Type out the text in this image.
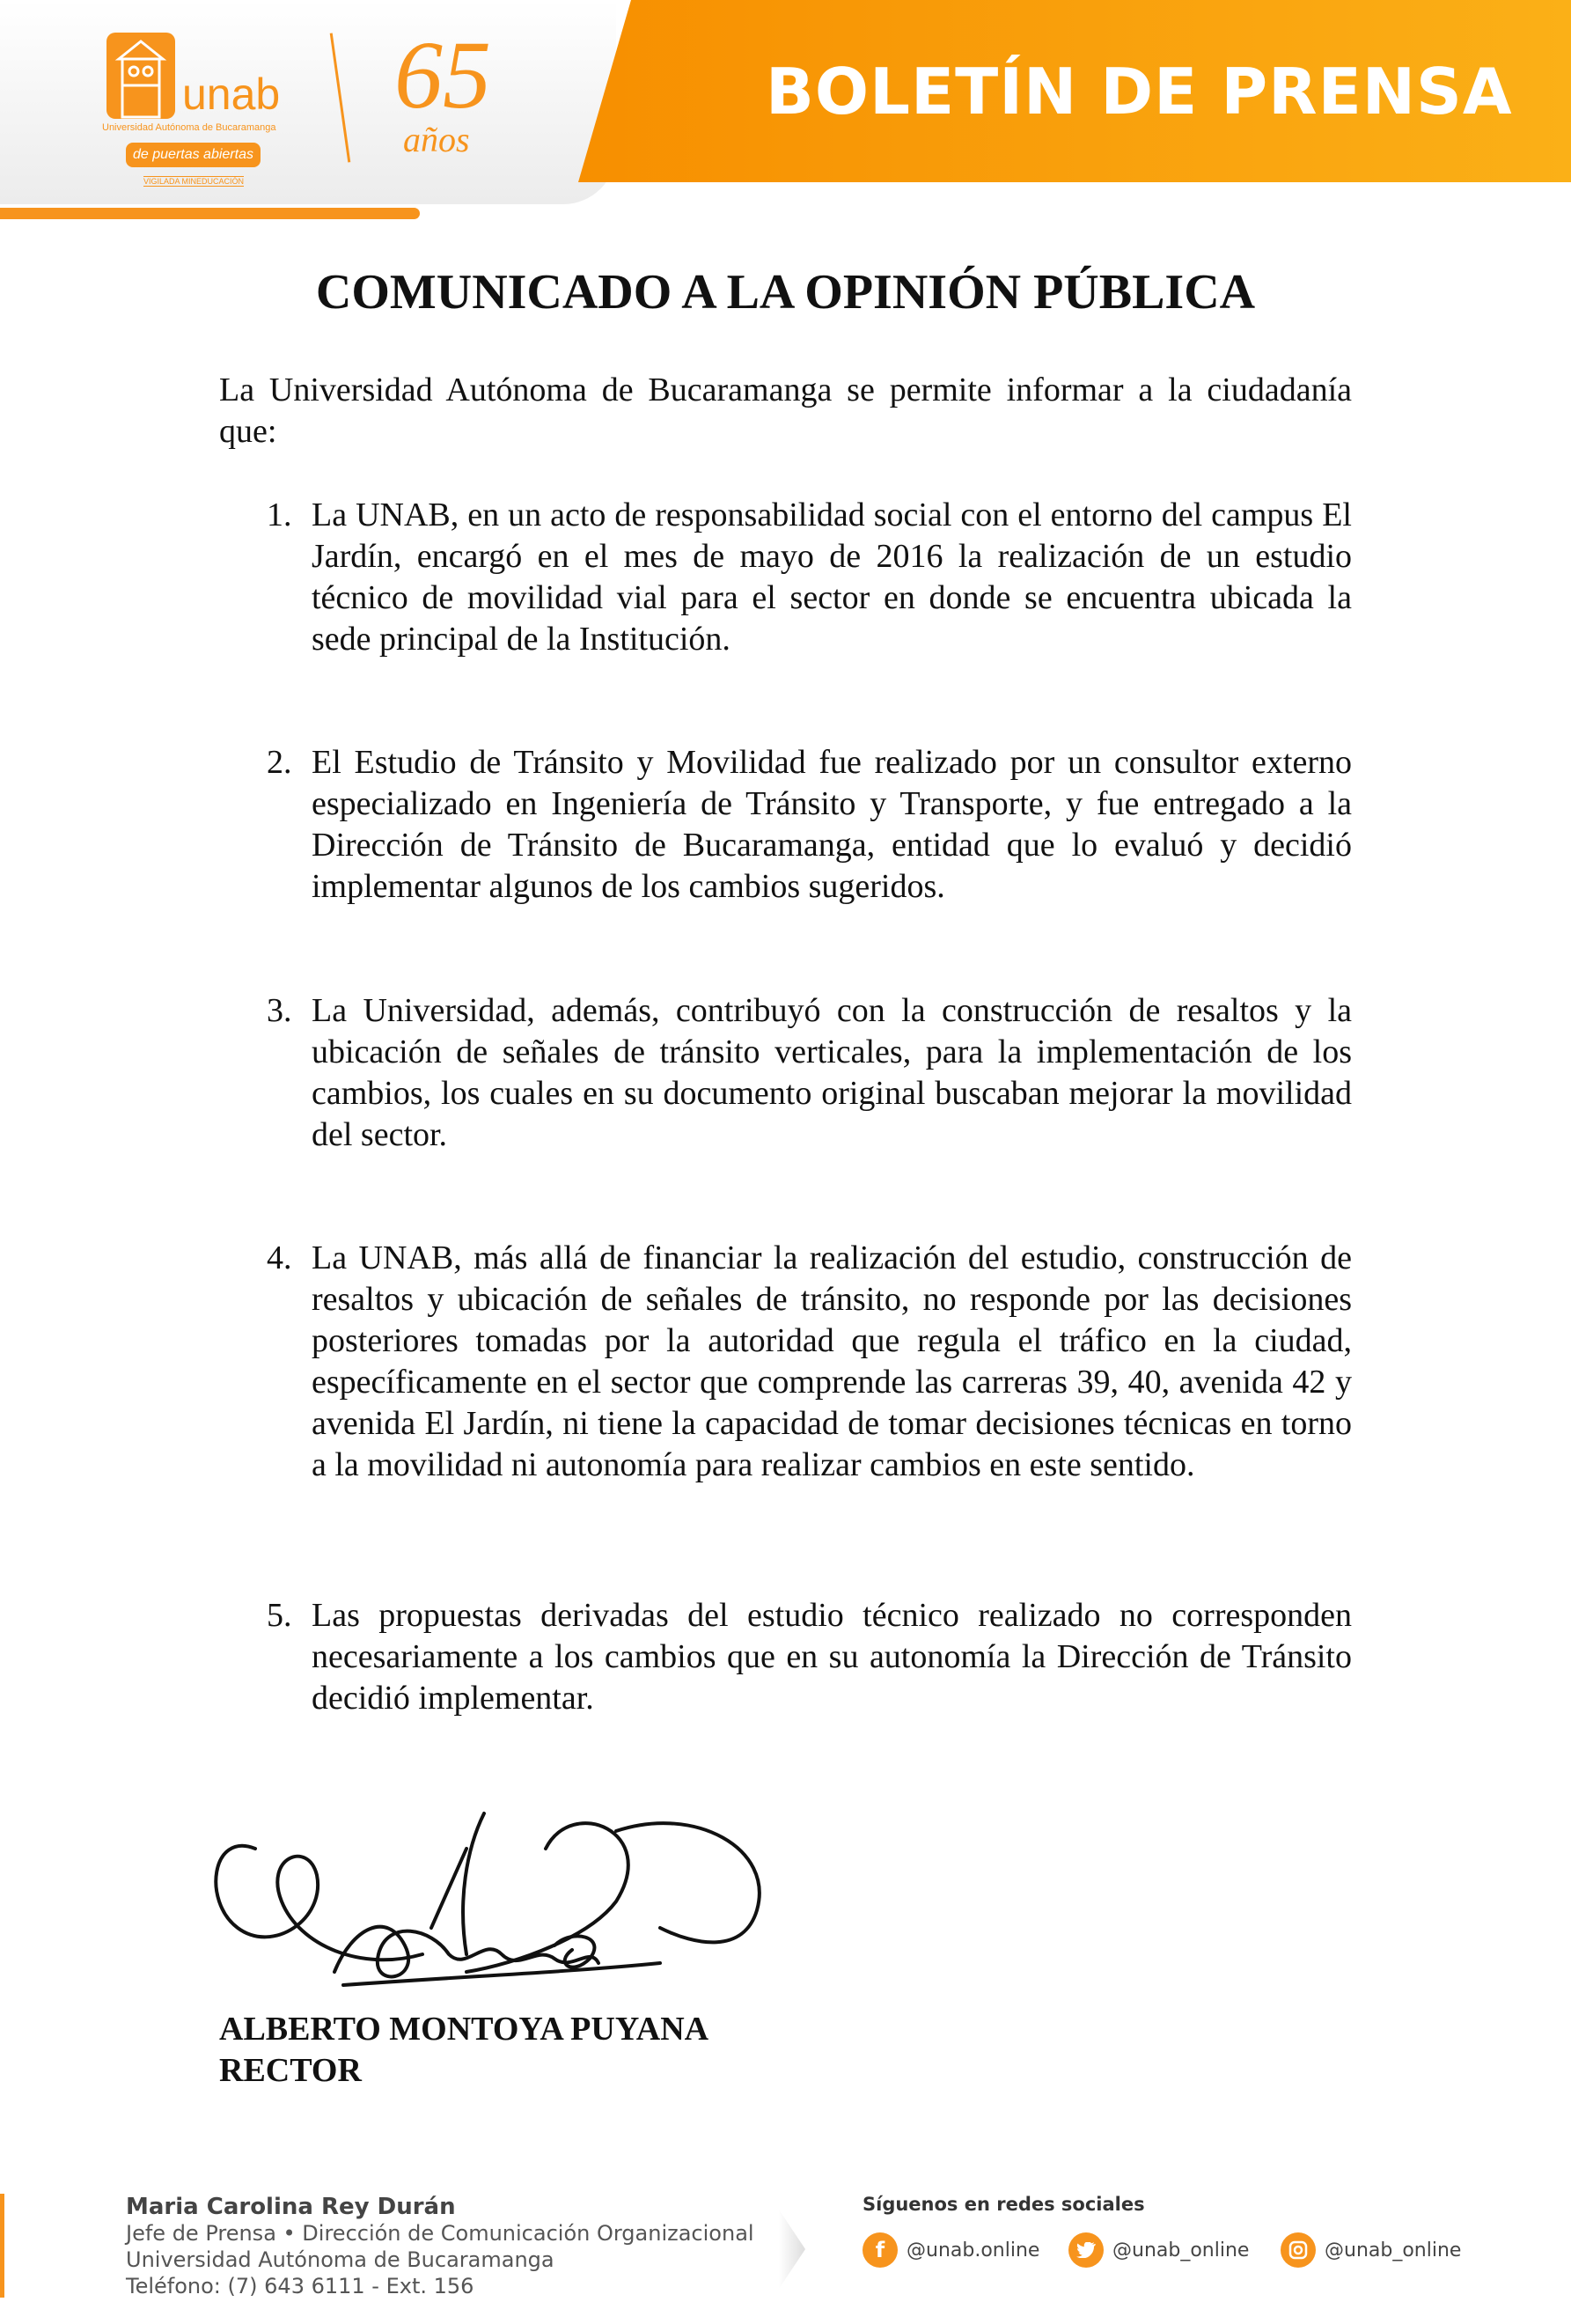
BOLETÍN DE PRENSA
unab
Universidad Autónoma de Bucaramanga
de puertas abiertas
VIGILADA MINEDUCACIÓN
65
años
COMUNICADO A LA OPINIÓN PÚBLICA
La Universidad Autónoma de Bucaramanga se permite informar a la ciudadanía que:
1. La UNAB, en un acto de responsabilidad social con el entorno del campus El Jardín, encargó en el mes de mayo de 2016 la realización de un estudio técnico de movilidad vial para el sector en donde se encuentra ubicada la sede principal de la Institución.
2. El Estudio de Tránsito y Movilidad fue realizado por un consultor externo especializado en Ingeniería de Tránsito y Transporte, y fue entregado a la Dirección de Tránsito de Bucaramanga, entidad que lo evaluó y decidió implementar algunos de los cambios sugeridos.
3. La Universidad, además, contribuyó con la construcción de resaltos y la ubicación de señales de tránsito verticales, para la implementación de los cambios, los cuales en su documento original buscaban mejorar la movilidad del sector.
4. La UNAB, más allá de financiar la realización del estudio, construcción de resaltos y ubicación de señales de tránsito, no responde por las decisiones posteriores tomadas por la autoridad que regula el tráfico en la ciudad, específicamente en el sector que comprende las carreras 39, 40, avenida 42 y avenida El Jardín, ni tiene la capacidad de tomar decisiones técnicas en torno a la movilidad ni autonomía para realizar cambios en este sentido.
5. Las propuestas derivadas del estudio técnico realizado no corresponden necesariamente a los cambios que en su autonomía la Dirección de Tránsito decidió implementar.
ALBERTO MONTOYA PUYANA
RECTOR
Maria Carolina Rey Durán
Jefe de Prensa • Dirección de Comunicación Organizacional
Universidad Autónoma de Bucaramanga
Teléfono: (7) 643 6111 - Ext. 156
Síguenos en redes sociales
f	@unab.online	@unab_online	@unab_online
